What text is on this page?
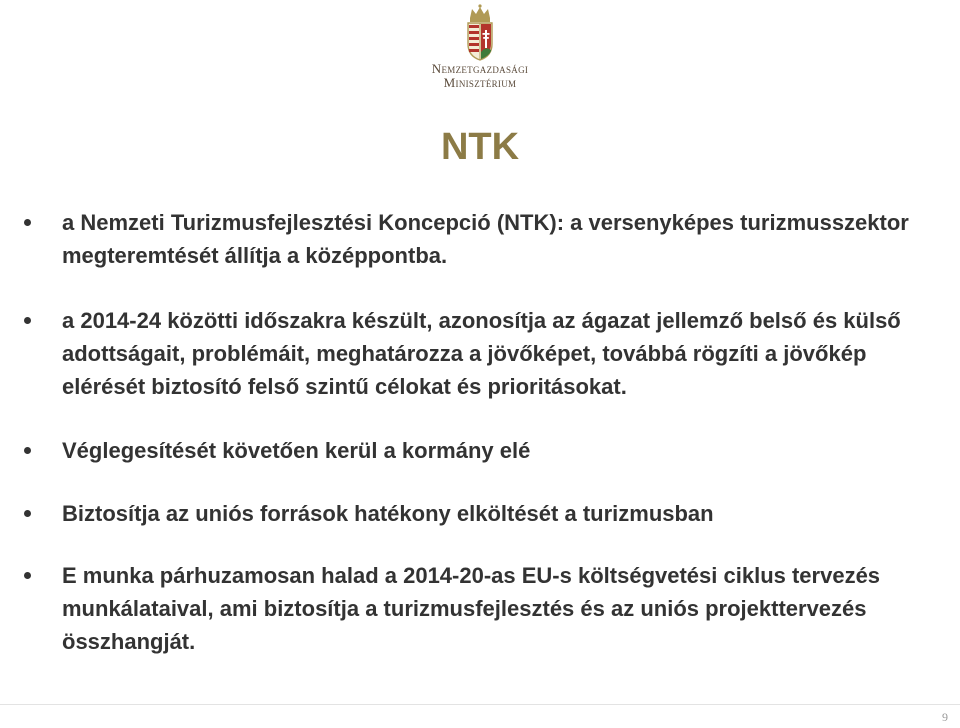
Nemzetgazdasági
Minisztérium
NTK
a Nemzeti Turizmusfejlesztési Koncepció (NTK): a versenyképes turizmusszektor megteremtését állítja a középpontba.
a 2014-24 közötti időszakra készült, azonosítja az ágazat jellemző belső és külső adottságait, problémáit, meghatározza a jövőképet, továbbá rögzíti a jövőkép elérését biztosító felső szintű célokat és prioritásokat.
Véglegesítését követően kerül a kormány elé
Biztosítja az uniós források hatékony elköltését a turizmusban
E munka párhuzamosan halad a 2014-20-as EU-s költségvetési ciklus tervezés munkálataival, ami biztosítja a turizmusfejlesztés és az uniós projekttervezés összhangját.
9
